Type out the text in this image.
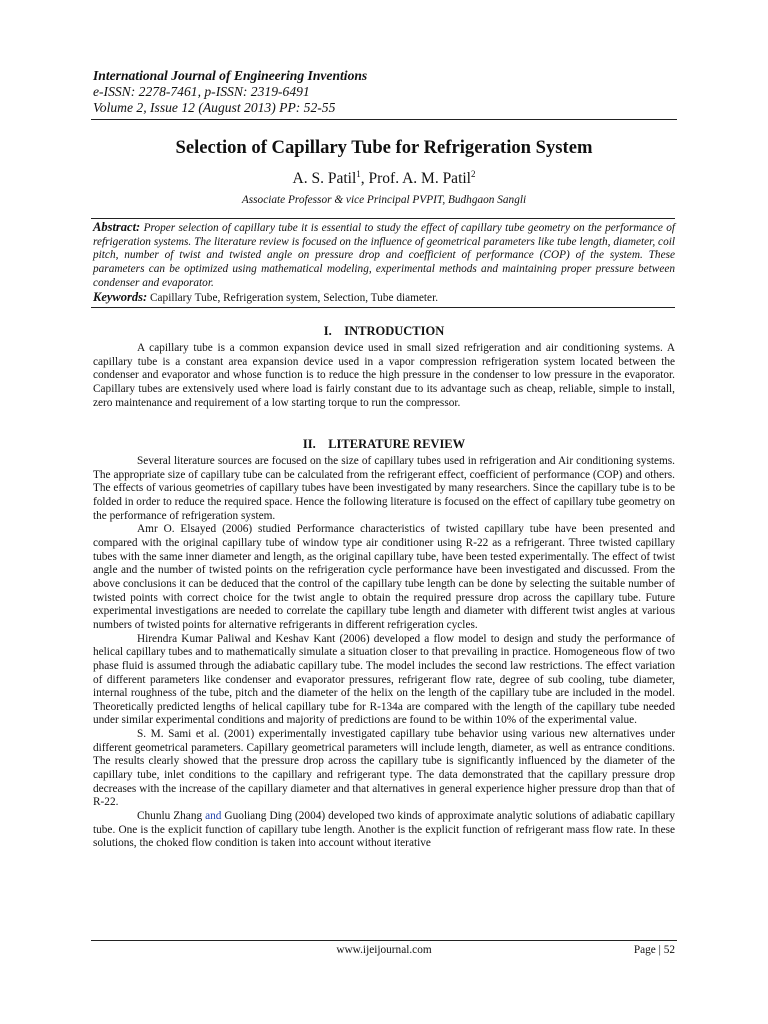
International Journal of Engineering Inventions
e-ISSN: 2278-7461, p-ISSN: 2319-6491
Volume 2, Issue 12 (August 2013) PP: 52-55
Selection of Capillary Tube for Refrigeration System
A. S. Patil$^1$, Prof. A. M. Patil$^2$
Associate Professor & vice Principal PVPIT, Budhgaon Sangli
Abstract: Proper selection of capillary tube it is essential to study the effect of capillary tube geometry on the performance of refrigeration systems. The literature review is focused on the influence of geometrical parameters like tube length, diameter, coil pitch, number of twist and twisted angle on pressure drop and coefficient of performance (COP) of the system. These parameters can be optimized using mathematical modeling, experimental methods and maintaining proper pressure between condenser and evaporator.
Keywords: Capillary Tube, Refrigeration system, Selection, Tube diameter.
I.    INTRODUCTION

A capillary tube is a common expansion device used in small sized refrigeration and air conditioning systems. A capillary tube is a constant area expansion device used in a vapor compression refrigeration system located between the condenser and evaporator and whose function is to reduce the high pressure in the condenser to low pressure in the evaporator. Capillary tubes are extensively used where load is fairly constant due to its advantage such as cheap, reliable, simple to install, zero maintenance and requirement of a low starting torque to run the compressor.

II.    LITERATURE REVIEW

Several literature sources are focused on the size of capillary tubes used in refrigeration and Air conditioning systems. The appropriate size of capillary tube can be calculated from the refrigerant effect, coefficient of performance (COP) and others. The effects of various geometries of capillary tubes have been investigated by many researchers. Since the capillary tube is to be folded in order to reduce the required space. Hence the following literature is focused on the effect of capillary tube geometry on the performance of refrigeration system.

Amr O. Elsayed (2006) studied Performance characteristics of twisted capillary tube have been presented and compared with the original capillary tube of window type air conditioner using R-22 as a refrigerant. Three twisted capillary tubes with the same inner diameter and length, as the original capillary tube, have been tested experimentally. The effect of twist angle and the number of twisted points on the refrigeration cycle performance have been investigated and discussed. From the above conclusions it can be deduced that the control of the capillary tube length can be done by selecting the suitable number of twisted points with correct choice for the twist angle to obtain the required pressure drop across the capillary tube. Future experimental investigations are needed to correlate the capillary tube length and diameter with different twist angles at various numbers of twisted points for alternative refrigerants in different refrigeration cycles.

Hirendra Kumar Paliwal and Keshav Kant (2006) developed a flow model to design and study the performance of helical capillary tubes and to mathematically simulate a situation closer to that prevailing in practice. Homogeneous flow of two phase fluid is assumed through the adiabatic capillary tube. The model includes the second law restrictions. The effect variation of different parameters like condenser and evaporator pressures, refrigerant flow rate, degree of sub cooling, tube diameter, internal roughness of the tube, pitch and the diameter of the helix on the length of the capillary tube are included in the model. Theoretically predicted lengths of helical capillary tube for R-134a are compared with the length of the capillary tube needed under similar experimental conditions and majority of predictions are found to be within 10% of the experimental value.

S. M. Sami et al. (2001) experimentally investigated capillary tube behavior using various new alternatives under different geometrical parameters. Capillary geometrical parameters will include length, diameter, as well as entrance conditions. The results clearly showed that the pressure drop across the capillary tube is significantly influenced by the diameter of the capillary tube, inlet conditions to the capillary and refrigerant type. The data demonstrated that the capillary pressure drop decreases with the increase of the capillary diameter and that alternatives in general experience higher pressure drop than that of R-22.

Chunlu Zhang and Guoliang Ding (2004) developed two kinds of approximate analytic solutions of adiabatic capillary tube. One is the explicit function of capillary tube length. Another is the explicit function of refrigerant mass flow rate. In these solutions, the choked flow condition is taken into account without iterative

www.ijeijournal.com	Page | 52
